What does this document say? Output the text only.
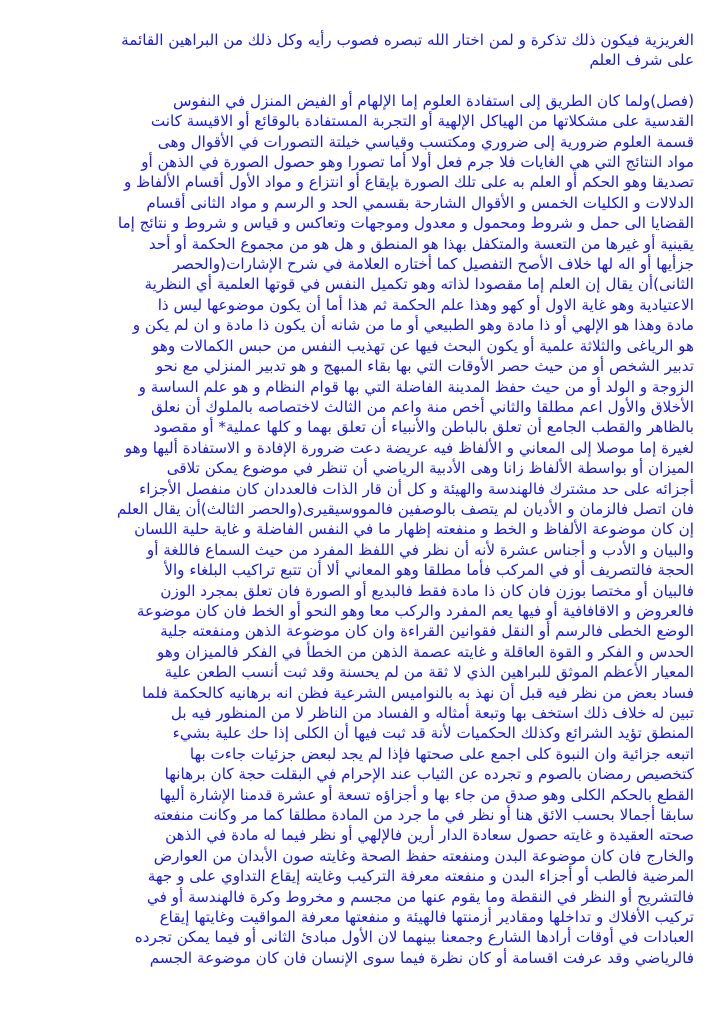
الغريزية فيكون ذلك تذكرة و لمن اختار الله تبصره فصوب رأيه وكل ذلك من البراهين القائمة
على شرف العلم
(فصل)ولما كان الطريق إلى استفادة العلوم إما الإلهام أو الفيض المنزل في النفوس
القدسية على مشكلاتها من الهياكل الإلهية أو التجربة المستفادة بالوقائع أو الاقيسة كانت
قسمة العلوم ضرورية إلى ضروري ومكتسب وقياسي خيلتة التصورات في الأقوال وهى
مواد النتائج التي هي الغايات فلا جرم فعل أولا أما تصورا وهو حصول الصورة في الذهن أو
تصديقا وهو الحكم أو العلم به على تلك الصورة بإيقاع أو انتزاع و مواد الأول أقسام الألفاظ و
الدلالات و الكليات الخمس و الأقوال الشارحة بقسمي الحد و الرسم و مواد الثانى أقسام
القضايا الى حمل و شروط ومحمول و معدول وموجهات وتعاكس و قياس و شروط و نتائج إما
يقينية أو غيرها من التعسة والمتكفل بهذا هو المنطق و هل هو من مجموع الحكمة أو أحد
جزأيها أو اله لها خلاف الأصح التفصيل كما أختاره العلامة في شرح الإشارات(والحصر
الثانى)أن يقال إن العلم إما مقصودا لذاته وهو تكميل النفس في قوتها العلمية أي النظرية
الاعتيادية وهو غاية الاول أو كهو وهذا علم الحكمة ثم هذا أما أن يكون موضوعها ليس ذا
مادة وهذا هو الإلهي أو ذا مادة وهو الطبيعي أو ما من شانه أن يكون ذا مادة و ان لم يكن و
هو الرياغى والثلاثة علمية أو يكون البحث فيها عن تهذيب النفس من حبس الكمالات وهو
تدبير الشخص أو من حيث حصر الأوقات التي بها بقاء المبهج و هو تدبير المنزلي مع نحو
الزوجة و الولد أو من حيث حفظ المدينة الفاضلة التي بها قوام النظام و هو علم الساسة و
الأخلاق والأول اعم مطلقا والثاني أخص منة واعم من الثالث لاختصاصه بالملوك أن نعلق
بالظاهر والقطب الجامع أن تعلق بالباطن والأنبياء أن تعلق بهما و كلها عملية* أو مقصود
لغيرة إما موصلا إلى المعاني و الألفاظ فيه عريضة دعت ضرورة الإفادة و الاستفادة أليها وهو
الميزان أو بواسطة الألفاظ زانا وهى الأدبية الرياضي أن تنظر في موضوع يمكن تلاقى
أجزائه على حد مشترك فالهندسة والهيئة و كل أن قار الذات فالعددان كان منفصل الأجزاء
فان اتصل فالزمان و الأديان لم يتصف بالوصفين فالمووسيقيرى(والحصر الثالث)أن يقال العلم
إن كان موضوعة الألفاظ و الخط و منفعته إظهار ما في النفس الفاضلة و غاية حلية اللسان
والبيان و الأدب و أجناس عشرة لأنه أن نظر في اللفظ المفرد من حيث السماع فاللغة أو
الحجة فالتصريف أو في المركب فأما مطلقا وهو المعاني ألا أن تتبع تراكيب البلغاء والأ
فالبيان أو مختصا بوزن فان كان ذا مادة فقط فالبديع أو الصورة فان تعلق بمجرد الوزن
فالعروض و الاقافافية أو فيها يعم المفرد والركب معا وهو النحو أو الخط فان كان موضوعة
الوضع الخطى فالرسم أو النقل فقوانين القراءة وان كان موضوعة الذهن ومنفعته جلية
الحدس و الفكر و القوة العاقلة و غايته عصمة الذهن من الخطأ في الفكر فالميزان وهو
المعيار الأعظم الموثق للبراهين الذي لا ثقة من لم يحسنة وقد ثبت أنسب الطعن علية
فساد بعض من نظر فيه قبل أن نهذ به بالنواميس الشرعية فظن انه برهانيه كالحكمة فلما
تبين له خلاف ذلك استخف بها وتبعة أمثاله و الفساد من الناظر لا من المنظور فيه بل
المنطق تؤيد الشرائع وكذلك الحكميات لأنة قد ثبت فيها أن الكلى إذا حك علية بشيء
اتبعه جزائية وان النبوة كلى اجمع على صحتها فإذا لم يجد لبعض جزئيات جاءت بها
كتخصيص رمضان بالصوم و تجرده عن الثياب عند الإحرام في البقلت حجة كان برهانها
القطع بالحكم الكلى وهو صدق من جاء بها و أجزاؤه تسعة أو عشرة قدمنا الإشارة أليها
سابقا أجمالا بحسب الائق هنا أو نظر في ما جرد من المادة مطلقا كما مر وكانت منفعته
صحته العقيدة و غايته حصول سعادة الدار أرين فالإلهي أو نظر فيما له مادة في الذهن
والخارج فان كان موضوعة البدن ومنفعته حفظ الصحة وغايته صون الأبدان من العوارض
المرضية فالطب أو أجزاء البدن و منفعته معرفة التركيب وغايته إيقاع التداوي على و جهة
فالتشريح أو النظر في النقطة وما يقوم عنها من مجسم و مخروط وكرة فالهندسة أو في
تركيب الأفلاك و تداخلها ومقادير أزمنتها فالهيئة و منفعتها معرفة المواقيت وغايتها إيقاع
العبادات في أوقات أرادها الشارع وجمعنا بينهما لان الأول مبادئ الثانى أو فيما يمكن تجرده
فالرياضي وقد عرفت اقسامة أو كان نظرة فيما سوى الإنسان فان كان موضوعة الجسم
